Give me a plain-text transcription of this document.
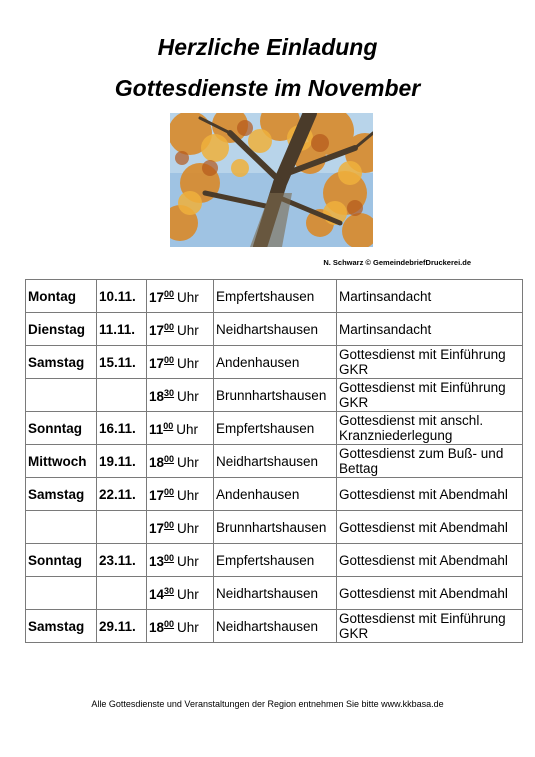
Herzliche Einladung
Gottesdienste im November
N. Schwarz © GemeindebriefDruckerei.de
Montag	10.11.	$17^{00}$ Uhr	Empfertshausen	Martinsandacht
Dienstag	11.11.	$17^{00}$ Uhr	Neidhartshausen	Martinsandacht
Samstag	15.11.	$17^{00}$ Uhr	Andenhausen	Gottesdienst mit Einführung GKR
		$18^{30}$ Uhr	Brunnhartshausen	Gottesdienst mit Einführung GKR
Sonntag	16.11.	$11^{00}$ Uhr	Empfertshausen	Gottesdienst mit anschl. Kranzniederlegung
Mittwoch	19.11.	$18^{00}$ Uhr	Neidhartshausen	Gottesdienst zum Buß- und Bettag
Samstag	22.11.	$17^{00}$ Uhr	Andenhausen	Gottesdienst mit Abendmahl
		$17^{00}$ Uhr	Brunnhartshausen	Gottesdienst mit Abendmahl
Sonntag	23.11.	$13^{00}$ Uhr	Empfertshausen	Gottesdienst mit Abendmahl
		$14^{30}$ Uhr	Neidhartshausen	Gottesdienst mit Abendmahl
Samstag	29.11.	$18^{00}$ Uhr	Neidhartshausen	Gottesdienst mit Einführung GKR
Alle Gottesdienste und Veranstaltungen der Region entnehmen Sie bitte www.kkbasa.de
